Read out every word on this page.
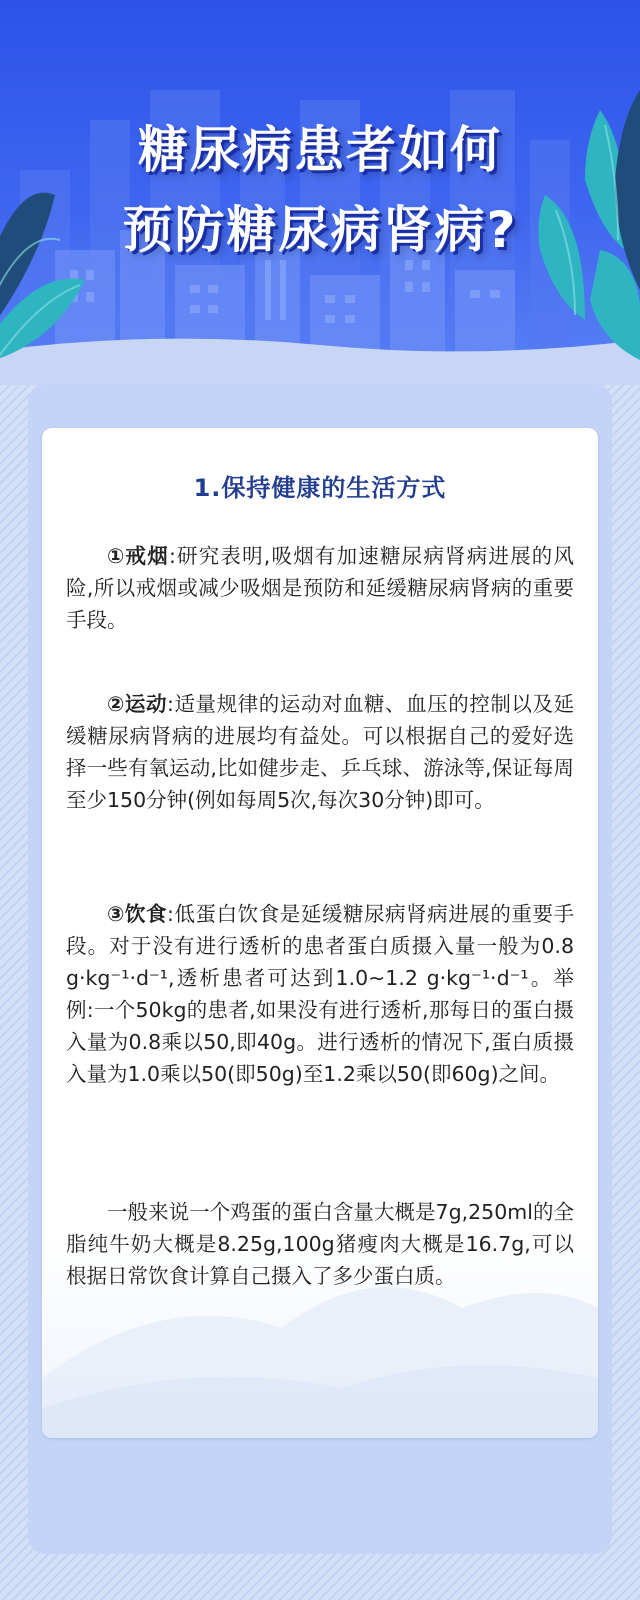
糖尿病患者如何
预防糖尿病肾病?
1.保持健康的生活方式

①戒烟:研究表明,吸烟有加速糖尿病肾病进展的风险,所以戒烟或减少吸烟是预防和延缓糖尿病肾病的重要手段。

②运动:适量规律的运动对血糖、血压的控制以及延缓糖尿病肾病的进展均有益处。可以根据自己的爱好选择一些有氧运动,比如健步走、乒乓球、游泳等,保证每周至少150分钟(例如每周5次,每次30分钟)即可。

③饮食:低蛋白饮食是延缓糖尿病肾病进展的重要手段。对于没有进行透析的患者蛋白质摄入量一般为0.8 g·kg⁻¹·d⁻¹,透析患者可达到1.0~1.2 g·kg⁻¹·d⁻¹。举例:一个50kg的患者,如果没有进行透析,那每日的蛋白摄入量为0.8乘以50,即40g。进行透析的情况下,蛋白质摄入量为1.0乘以50(即50g)至1.2乘以50(即60g)之间。

一般来说一个鸡蛋的蛋白含量大概是7g,250ml的全脂纯牛奶大概是8.25g,100g猪瘦肉大概是16.7g,可以根据日常饮食计算自己摄入了多少蛋白质。
